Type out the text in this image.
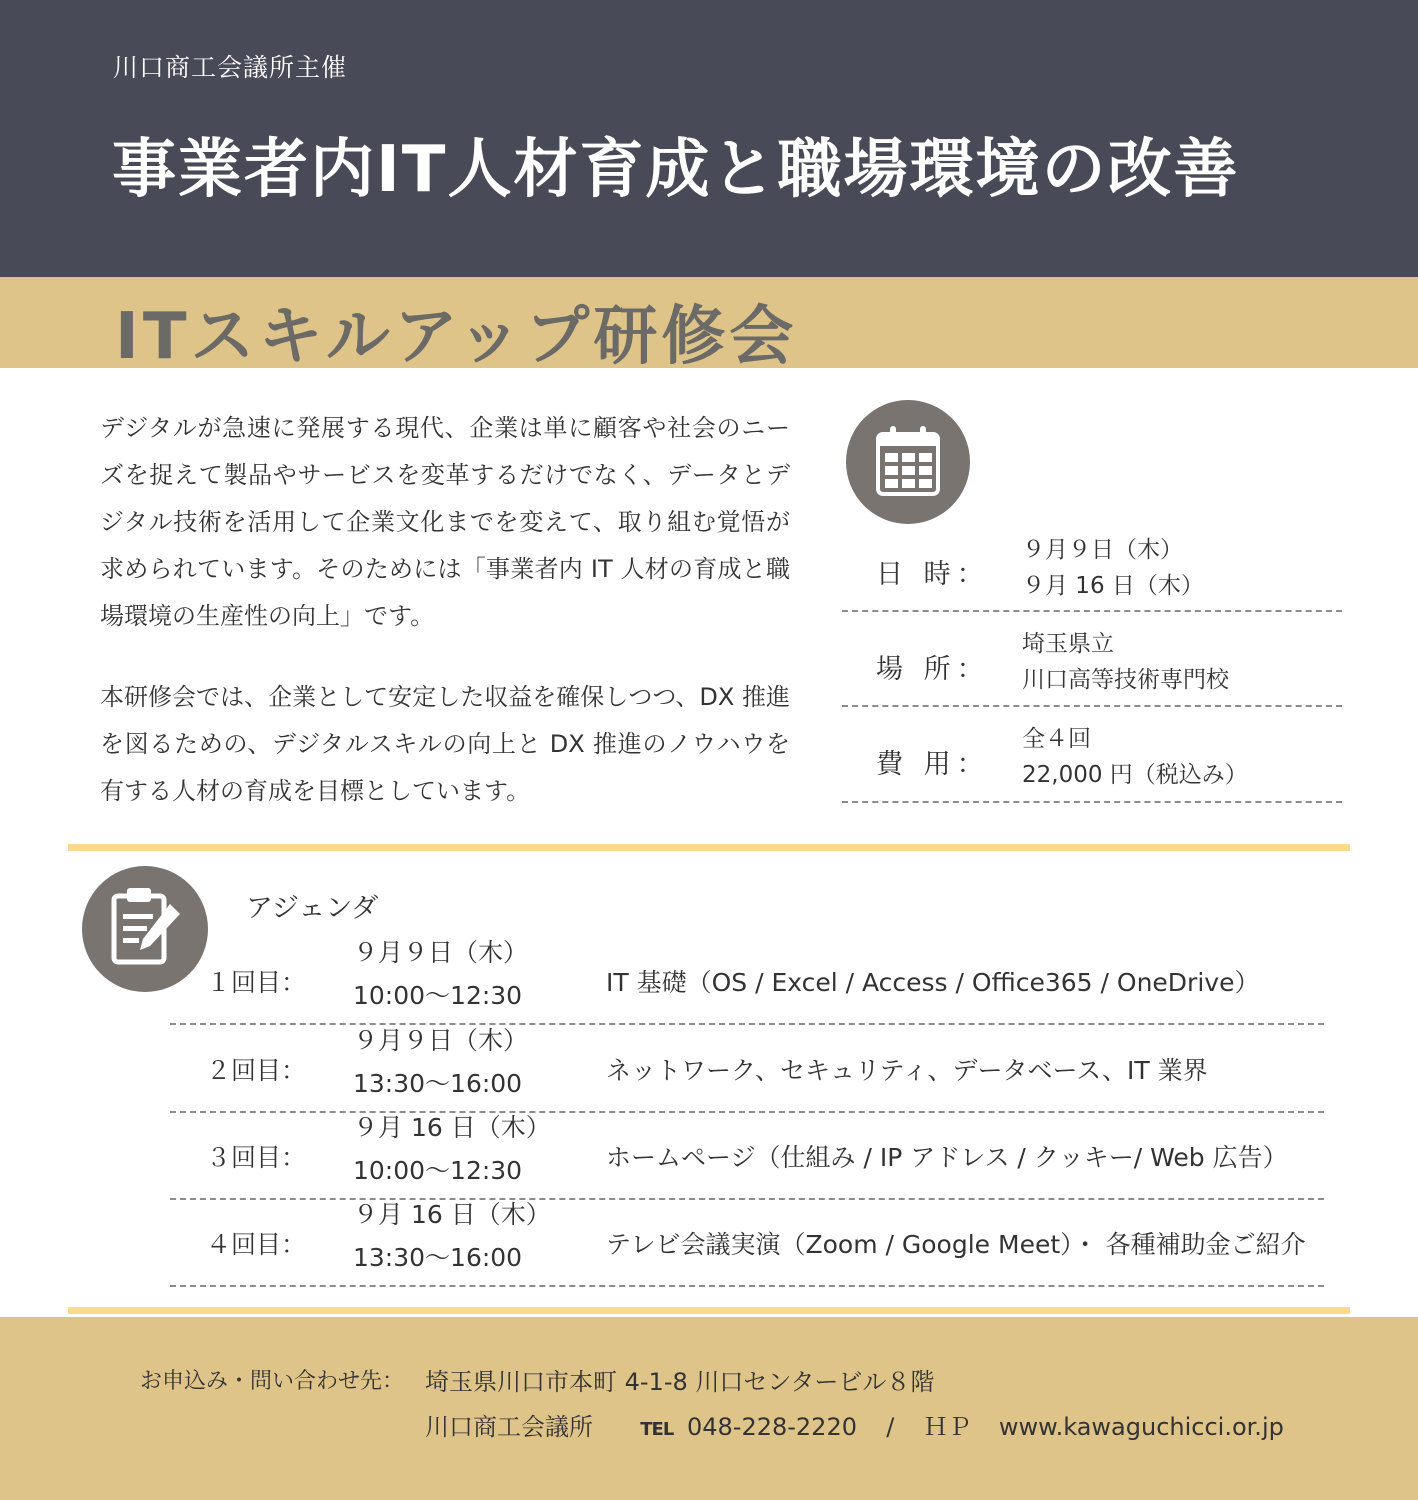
川口商工会議所主催
事業者内IT人材育成と職場環境の改善
ITスキルアップ研修会

デジタルが急速に発展する現代、企業は単に顧客や社会のニーズを捉えて製品やサービスを変革するだけでなく、データとデジタル技術を活用して企業文化までを変えて、取り組む覚悟が求められています。そのためには「事業者内 IT 人材の育成と職場環境の生産性の向上」です。

本研修会では、企業として安定した収益を確保しつつ、DX 推進を図るための、デジタルスキルの向上と DX 推進のノウハウを有する人材の育成を目標としています。

日 時：
９月９日（木）
９月 16 日（木）
場 所：
埼玉県立
川口高等技術専門校
費 用：
全４回
22,000 円（税込み）
アジェンダ
１回目：
９月９日（木）
10:00～12:30	IT 基礎（OS / Excel / Access / Office365 / OneDrive）
２回目：
９月９日（木）
13:30～16:00	ネットワーク、セキュリティ、データベース、IT 業界
３回目：
９月 16 日（木）
10:00～12:30	ホームページ（仕組み / IP アドレス / クッキー/ Web 広告）
４回目：
９月 16 日（木）
13:30～16:00	テレビ会議実演（Zoom / Google Meet）・ 各種補助金ご紹介
お申込み・問い合わせ先： 埼玉県川口市本町 4-1-8 川口センタービル８階
川口商工会議所	TEL 048-228-2220 / ＨＰ www.kawaguchicci.or.jp
